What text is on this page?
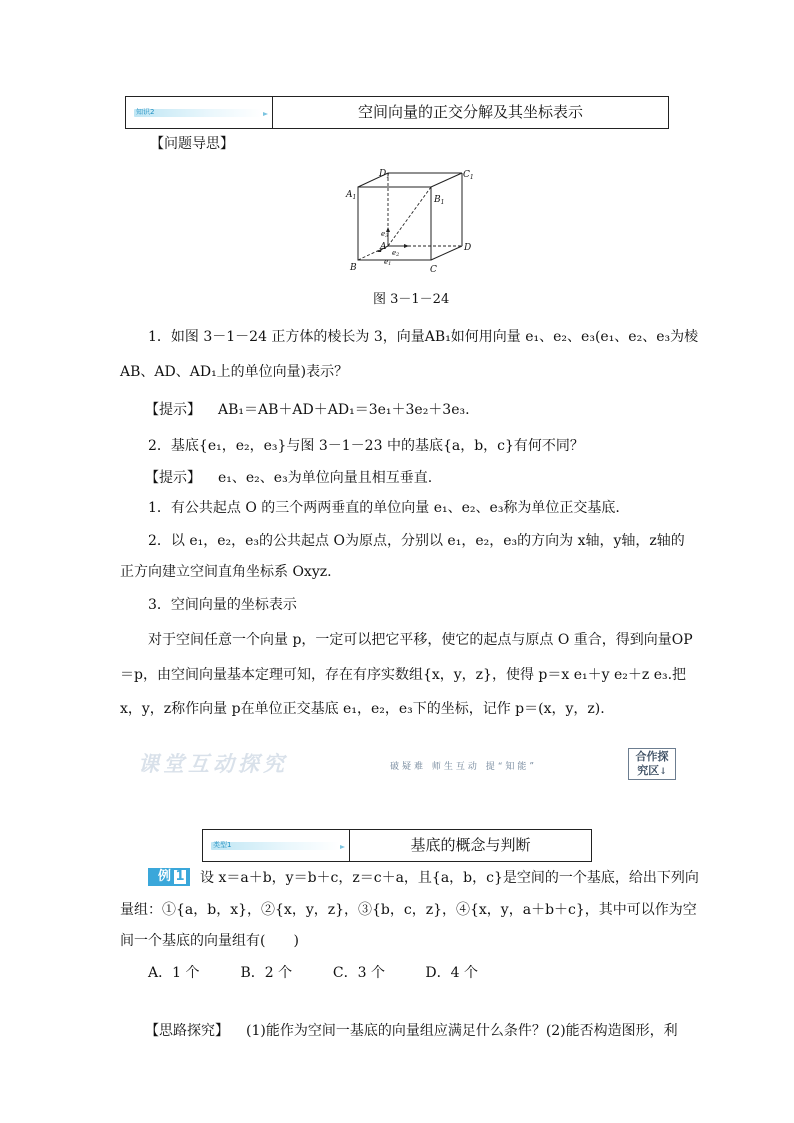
知识2	空间向量的正交分解及其坐标表示
【问题导思】
$D_1$	$C_1$
$A_1$	$B_1$
A
B	C
D
e3
e2
e1
图 3－1－24
1．如图 3－1－24 正方体的棱长为 3，向量AB₁如何用向量 e₁、e₂、e₃(e₁、e₂、e₃为棱
AB、AD、AD₁上的单位向量)表示？
【提示】 AB₁＝AB＋AD＋AD₁＝3e₁＋3e₂＋3e₃.
2．基底{e₁，e₂，e₃}与图 3－1－23 中的基底{a，b，c}有何不同？
【提示】 e₁、e₂、e₃为单位向量且相互垂直.
1．有公共起点 O 的三个两两垂直的单位向量 e₁、e₂、e₃称为单位正交基底.
2．以 e₁，e₂，e₃的公共起点 O为原点，分别以 e₁，e₂，e₃的方向为 x轴，y轴，z轴的
正方向建立空间直角坐标系 Oxyz.
3．空间向量的坐标表示
对于空间任意一个向量 p，一定可以把它平移，使它的起点与原点 O 重合，得到向量OP
＝p，由空间向量基本定理可知，存在有序实数组{x，y，z}，使得 p＝x e₁＋y e₂＋z e₃.把
x，y，z称作向量 p在单位正交基底 e₁，e₂，e₃下的坐标，记作 p＝(x，y，z).
课堂互动探究	破疑难 师生互动 提“知能”
合作探
究区↓
类型1	基底的概念与判断
例 1	设 x＝a＋b，y＝b＋c，z＝c＋a，且{a，b，c}是空间的一个基底，给出下列向
量组：①{a，b，x}，②{x，y，z}，③{b，c，z}，④{x，y，a＋b＋c}，其中可以作为空
间一个基底的向量组有(　　)
A．1 个	B．2 个	C．3 个	D．4 个
【思路探究】 (1)能作为空间一基底的向量组应满足什么条件？(2)能否构造图形，利
